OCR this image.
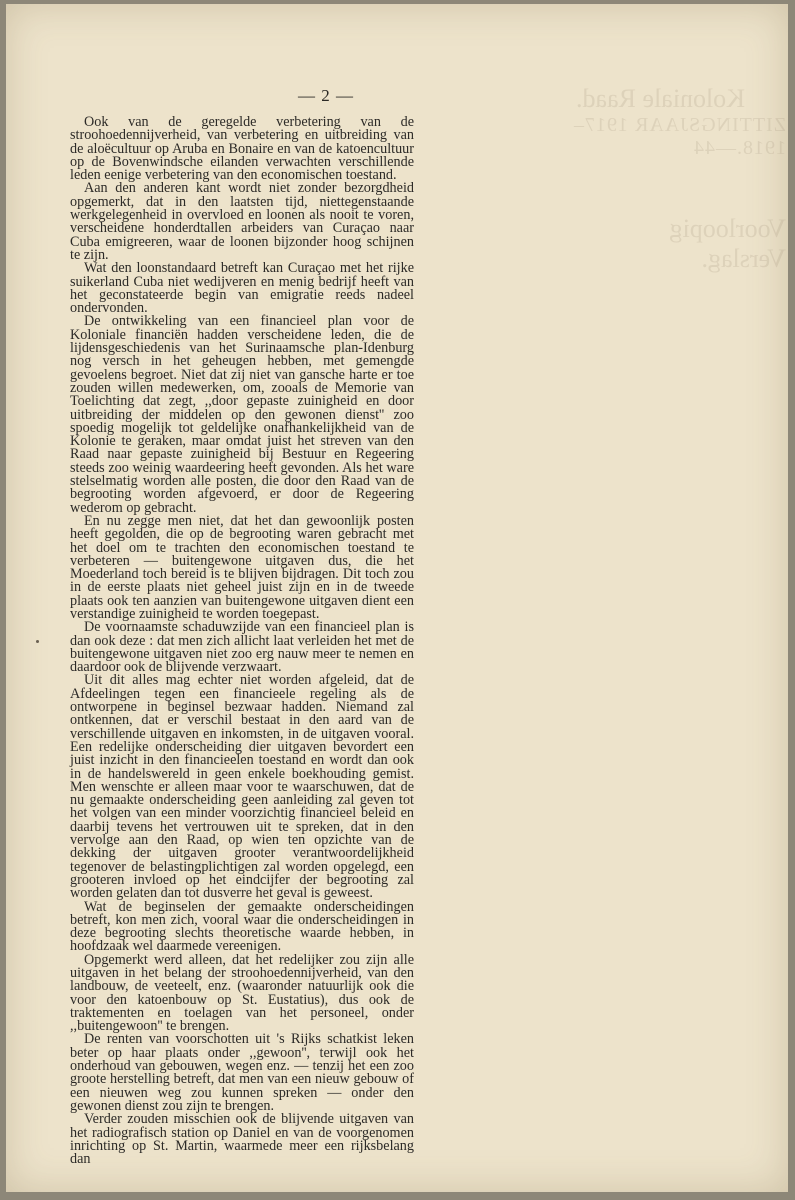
Koloniale Raad.
ZITTINGSJAAR 1917–1918.—44
Voorloopig Verslag.
— 2 —

Ook van de geregelde verbetering van de stroohoedennijverheid, van verbetering en uitbreiding van de aloëcultuur op Aruba en Bonaire en van de katoencultuur op de Bovenwindsche eilanden verwachten verschillende leden eenige verbetering van den economischen toestand.

Aan den anderen kant wordt niet zonder bezorgdheid opgemerkt, dat in den laatsten tijd, niettegenstaande werkgelegenheid in overvloed en loonen als nooit te voren, verscheidene honderdtallen arbeiders van Curaçao naar Cuba emigreeren, waar de loonen bijzonder hoog schijnen te zijn.

Wat den loonstandaard betreft kan Curaçao met het rijke suikerland Cuba niet wedijveren en menig bedrijf heeft van het geconstateerde begin van emigratie reeds nadeel ondervonden.

De ontwikkeling van een financieel plan voor de Koloniale financiën hadden verscheidene leden, die de lijdensgeschiedenis van het Surinaamsche plan-Idenburg nog versch in het geheugen hebben, met gemengde gevoelens begroet. Niet dat zij niet van gansche harte er toe zouden willen medewerken, om, zooals de Memorie van Toelichting dat zegt, ,,door gepaste zuinigheid en door uitbreiding der middelen op den gewonen dienst'' zoo spoedig mogelijk tot geldelijke onafhankelijkheid van de Kolonie te geraken, maar omdat juist het streven van den Raad naar gepaste zuinigheid bij Bestuur en Regeering steeds zoo weinig waardeering heeft gevonden. Als het ware stelselmatig worden alle posten, die door den Raad van de begrooting worden afgevoerd, er door de Regeering wederom op gebracht.

En nu zegge men niet, dat het dan gewoonlijk posten heeft gegolden, die op de begrooting waren gebracht met het doel om te trachten den economischen toestand te verbeteren — buitengewone uitgaven dus, die het Moederland toch bereid is te blijven bijdragen. Dit toch zou in de eerste plaats niet geheel juist zijn en in de tweede plaats ook ten aanzien van buitengewone uitgaven dient een verstandige zuinigheid te worden toegepast.

De voornaamste schaduwzijde van een financieel plan is dan ook deze : dat men zich allicht laat verleiden het met de buitengewone uitgaven niet zoo erg nauw meer te nemen en daardoor ook de blijvende verzwaart.

Uit dit alles mag echter niet worden afgeleid, dat de Afdeelingen tegen een financieele regeling als de ontworpene in beginsel bezwaar hadden. Niemand zal ontkennen, dat er verschil bestaat in den aard van de verschillende uitgaven en inkomsten, in de uitgaven vooral. Een redelijke onderscheiding dier uitgaven bevordert een juist inzicht in den financieelen toestand en wordt dan ook in de handelswereld in geen enkele boekhouding gemist. Men wenschte er alleen maar voor te waarschuwen, dat de nu gemaakte onderscheiding geen aanleiding zal geven tot het volgen van een minder voorzichtig financieel beleid en daarbij tevens het vertrouwen uit te spreken, dat in den vervolge aan den Raad, op wien ten opzichte van de dekking der uitgaven grooter verantwoordelijkheid tegenover de belastingplichtigen zal worden opgelegd, een grooteren invloed op het eindcijfer der begrooting zal worden gelaten dan tot dusverre het geval is geweest.

Wat de beginselen der gemaakte onderscheidingen betreft, kon men zich, vooral waar die onderscheidingen in deze begrooting slechts theoretische waarde hebben, in hoofdzaak wel daarmede vereenigen.

Opgemerkt werd alleen, dat het redelijker zou zijn alle uitgaven in het belang der stroohoedennijverheid, van den landbouw, de veeteelt, enz. (waaronder natuurlijk ook die voor den katoenbouw op St. Eustatius), dus ook de traktementen en toelagen van het personeel, onder ,,buitengewoon'' te brengen.

De renten van voorschotten uit 's Rijks schatkist leken beter op haar plaats onder ,,gewoon'', terwijl ook het onderhoud van gebouwen, wegen enz. — tenzij het een zoo groote herstelling betreft, dat men van een nieuw gebouw of een nieuwen weg zou kunnen spreken — onder den gewonen dienst zou zijn te brengen.

Verder zouden misschien ook de blijvende uitgaven van het radiografisch station op Daniel en van de voorgenomen inrichting op St. Martin, waarmede meer een rijksbelang dan
